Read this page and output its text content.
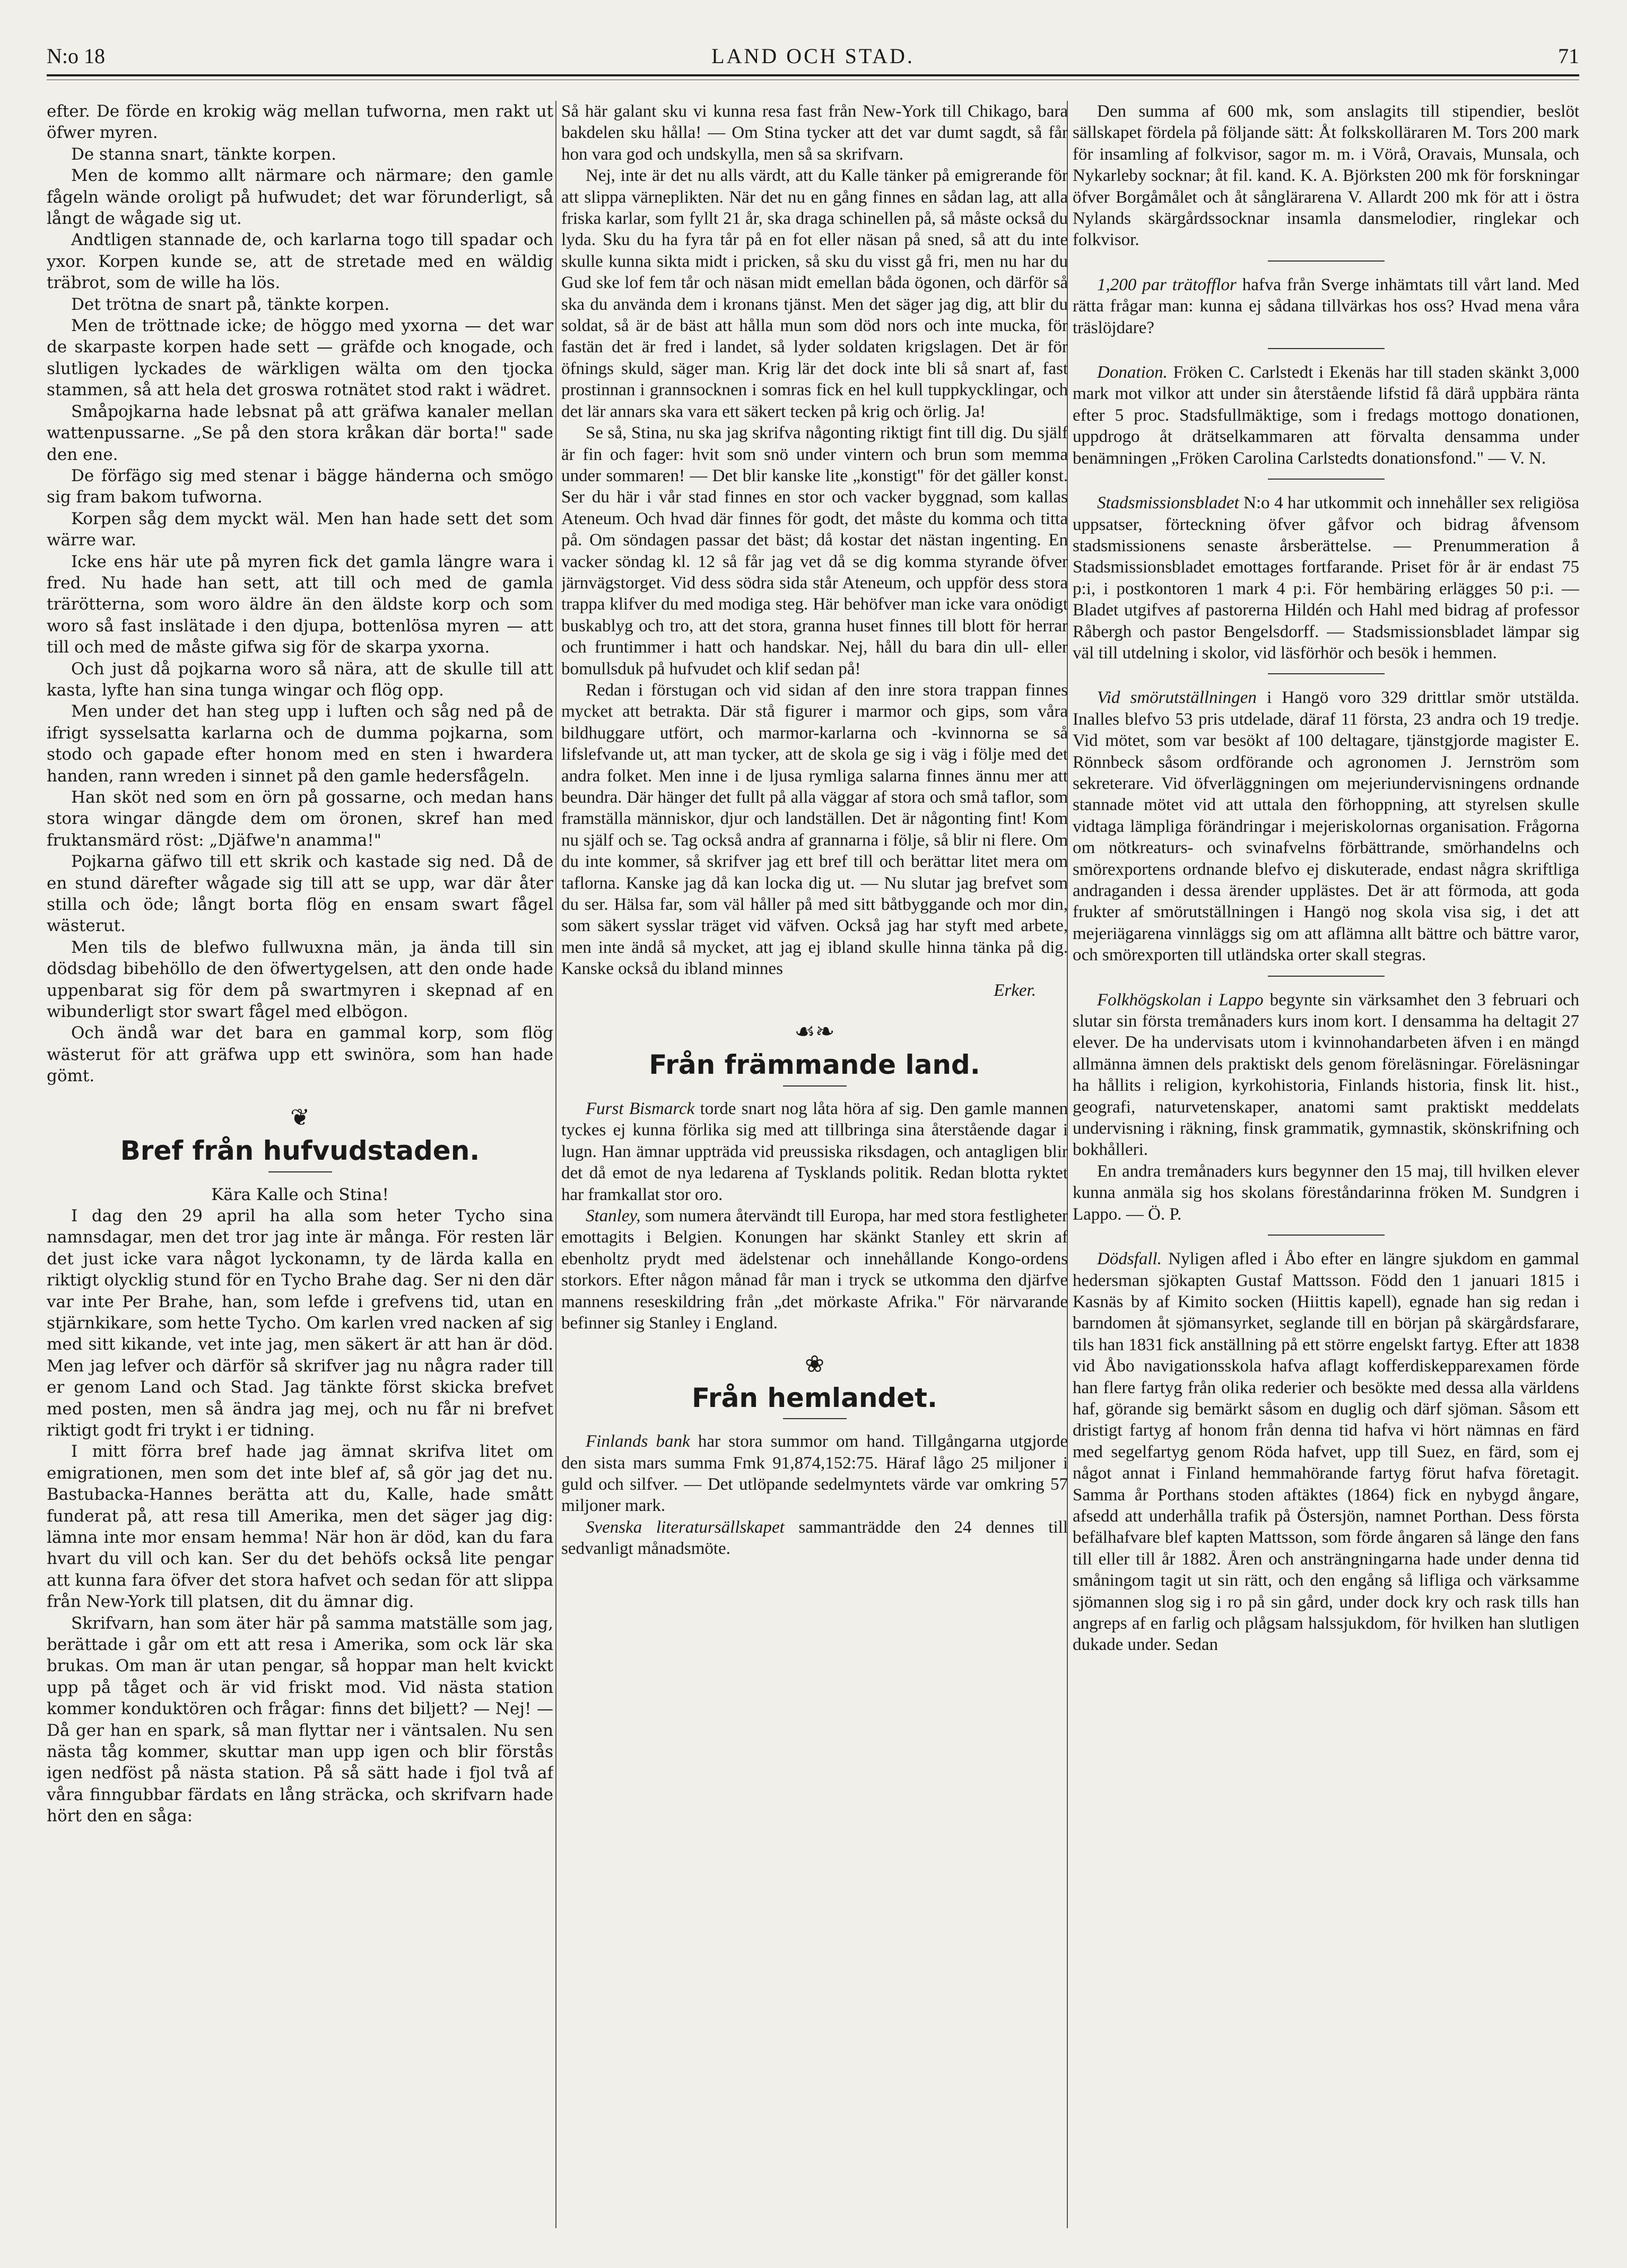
N:o 18	LAND OCH STAD.	71

efter. De förde en krokig wäg mellan tufworna, men rakt ut öfwer myren.

De stanna snart, tänkte korpen.

Men de kommo allt närmare och närmare; den gamle fågeln wände oroligt på hufwudet; det war förunderligt, så långt de wågade sig ut.

Andtligen stannade de, och karlarna togo till spadar och yxor. Korpen kunde se, att de stretade med en wäldig träbrot, som de wille ha lös.

Det trötna de snart på, tänkte korpen.

Men de tröttnade icke; de höggo med yxorna — det war de skarpaste korpen hade sett — gräfde och knogade, och slutligen lyckades de wärkligen wälta om den tjocka stammen, så att hela det groswa rotnätet stod rakt i wädret.

Småpojkarna hade lebsnat på att gräfwa kanaler mellan wattenpussarne. „Se på den stora kråkan där borta!" sade den ene.

De förfägo sig med stenar i bägge händerna och smögo sig fram bakom tufworna.

Korpen såg dem myckt wäl. Men han hade sett det som wärre war.

Icke ens här ute på myren fick det gamla längre wara i fred. Nu hade han sett, att till och med de gamla trärötterna, som woro äldre än den äldste korp och som woro så fast inslätade i den djupa, bottenlösa myren — att till och med de måste gifwa sig för de skarpa yxorna.

Och just då pojkarna woro så nära, att de skulle till att kasta, lyfte han sina tunga wingar och flög opp.

Men under det han steg upp i luften och såg ned på de ifrigt sysselsatta karlarna och de dumma pojkarna, som stodo och gapade efter honom med en sten i hwardera handen, rann wreden i sinnet på den gamle hedersfågeln.

Han sköt ned som en örn på gossarne, och medan hans stora wingar dängde dem om öronen, skref han med fruktansmärd röst: „Djäfwe'n anamma!"

Pojkarna gäfwo till ett skrik och kastade sig ned. Då de en stund därefter wågade sig till att se upp, war där åter stilla och öde; långt borta flög en ensam swart fågel wästerut.

Men tils de blefwo fullwuxna män, ja ända till sin dödsdag bibehöllo de den öfwertygelsen, att den onde hade uppenbarat sig för dem på swartmyren i skepnad af en wibunderligt stor swart fågel med elbögon.

Och ändå war det bara en gammal korp, som flög wästerut för att gräfwa upp ett swinöra, som han hade gömt.

❦
Bref från hufvudstaden.

Kära Kalle och Stina!

I dag den 29 april ha alla som heter Tycho sina namnsdagar, men det tror jag inte är många. För resten lär det just icke vara något lyckonamn, ty de lärda kalla en riktigt olycklig stund för en Tycho Brahe dag. Ser ni den där var inte Per Brahe, han, som lefde i grefvens tid, utan en stjärnkikare, som hette Tycho. Om karlen vred nacken af sig med sitt kikande, vet inte jag, men säkert är att han är död. Men jag lefver och därför så skrifver jag nu några rader till er genom Land och Stad. Jag tänkte först skicka brefvet med posten, men så ändra jag mej, och nu får ni brefvet riktigt godt fri trykt i er tidning.

I mitt förra bref hade jag ämnat skrifva litet om emigrationen, men som det inte blef af, så gör jag det nu. Bastubacka-Hannes berätta att du, Kalle, hade smått funderat på, att resa till Amerika, men det säger jag dig: lämna inte mor ensam hemma! När hon är död, kan du fara hvart du vill och kan. Ser du det behöfs också lite pengar att kunna fara öfver det stora hafvet och sedan för att slippa från New-York till platsen, dit du ämnar dig.

Skrifvarn, han som äter här på samma matställe som jag, berättade i går om ett att resa i Amerika, som ock lär ska brukas. Om man är utan pengar, så hoppar man helt kvickt upp på tåget och är vid friskt mod. Vid nästa station kommer konduktören och frågar: finns det biljett? — Nej! — Då ger han en spark, så man flyttar ner i väntsalen. Nu sen nästa tåg kommer, skuttar man upp igen och blir förstås igen nedföst på nästa station. På så sätt hade i fjol två af våra finngubbar färdats en lång sträcka, och skrifvarn hade hört den en såga:

Så här galant sku vi kunna resa fast från New-York till Chikago, bara bakdelen sku hålla! — Om Stina tycker att det var dumt sagdt, så får hon vara god och undskylla, men så sa skrifvarn.

Nej, inte är det nu alls värdt, att du Kalle tänker på emigrerande för att slippa värneplikten. När det nu en gång finnes en sådan lag, att alla friska karlar, som fyllt 21 år, ska draga schinellen på, så måste också du lyda. Sku du ha fyra tår på en fot eller näsan på sned, så att du inte skulle kunna sikta midt i pricken, så sku du visst gå fri, men nu har du Gud ske lof fem tår och näsan midt emellan båda ögonen, och därför så ska du använda dem i kronans tjänst. Men det säger jag dig, att blir du soldat, så är de bäst att hålla mun som död nors och inte mucka, för fastän det är fred i landet, så lyder soldaten krigslagen. Det är för öfnings skuld, säger man. Krig lär det dock inte bli så snart af, fast prostinnan i grannsocknen i somras fick en hel kull tuppkycklingar, och det lär annars ska vara ett säkert tecken på krig och örlig. Ja!

Se så, Stina, nu ska jag skrifva någonting riktigt fint till dig. Du själf är fin och fager: hvit som snö under vintern och brun som memma under sommaren! — Det blir kanske lite „konstigt" för det gäller konst. Ser du här i vår stad finnes en stor och vacker byggnad, som kallas Ateneum. Och hvad där finnes för godt, det måste du komma och titta på. Om söndagen passar det bäst; då kostar det nästan ingenting. En vacker söndag kl. 12 så får jag vet då se dig komma styrande öfver järnvägstorget. Vid dess södra sida står Ateneum, och uppför dess stora trappa klifver du med modiga steg. Här behöfver man icke vara onödigt buskablyg och tro, att det stora, granna huset finnes till blott för herrar och fruntimmer i hatt och handskar. Nej, håll du bara din ull- eller bomullsduk på hufvudet och klif sedan på!

Redan i förstugan och vid sidan af den inre stora trappan finnes mycket att betrakta. Där stå figurer i marmor och gips, som våra bildhuggare utfört, och marmor-karlarna och -kvinnorna se så lifslefvande ut, att man tycker, att de skola ge sig i väg i följe med det andra folket. Men inne i de ljusa rymliga salarna finnes ännu mer att beundra. Där hänger det fullt på alla väggar af stora och små taflor, som framställa människor, djur och landställen. Det är någonting fint! Kom nu själf och se. Tag också andra af grannarna i följe, så blir ni flere. Om du inte kommer, så skrifver jag ett bref till och berättar litet mera om taflorna. Kanske jag då kan locka dig ut. — Nu slutar jag brefvet som du ser. Hälsa far, som väl håller på med sitt båtbyggande och mor din, som säkert sysslar träget vid väfven. Också jag har styft med arbete, men inte ändå så mycket, att jag ej ibland skulle hinna tänka på dig. Kanske också du ibland minnes

Erker.

☙❧
Från främmande land.

Furst Bismarck torde snart nog låta höra af sig. Den gamle mannen tyckes ej kunna förlika sig med att tillbringa sina återstående dagar i lugn. Han ämnar uppträda vid preussiska riksdagen, och antagligen blir det då emot de nya ledarena af Tysklands politik. Redan blotta ryktet har framkallat stor oro.

Stanley, som numera återvändt till Europa, har med stora festligheter emottagits i Belgien. Konungen har skänkt Stanley ett skrin af ebenholtz prydt med ädelstenar och innehållande Kongo-ordens storkors. Efter någon månad får man i tryck se utkomma den djärfve mannens reseskildring från „det mörkaste Afrika." För närvarande befinner sig Stanley i England.

❀
Från hemlandet.

Finlands bank har stora summor om hand. Tillgångarna utgjorde den sista mars summa Fmk 91,874,152:75. Häraf lågo 25 miljoner i guld och silfver. — Det utlöpande sedelmyntets värde var omkring 57 miljoner mark.

Svenska literatursällskapet sammanträdde den 24 dennes till sedvanligt månadsmöte.

Den summa af 600 mk, som anslagits till stipendier, beslöt sällskapet fördela på följande sätt: Åt folkskolläraren M. Tors 200 mark för insamling af folkvisor, sagor m. m. i Vörå, Oravais, Munsala, och Nykarleby socknar; åt fil. kand. K. A. Björksten 200 mk för forskningar öfver Borgåmålet och åt sånglärarena V. Allardt 200 mk för att i östra Nylands skärgårdssocknar insamla dansmelodier, ringlekar och folkvisor.

1,200 par trätofflor hafva från Sverge inhämtats till vårt land. Med rätta frågar man: kunna ej sådana tillvärkas hos oss? Hvad mena våra träslöjdare?

Donation. Fröken C. Carlstedt i Ekenäs har till staden skänkt 3,000 mark mot vilkor att under sin återstående lifstid få därå uppbära ränta efter 5 proc. Stadsfullmäktige, som i fredags mottogo donationen, uppdrogo åt drätselkammaren att förvalta densamma under benämningen „Fröken Carolina Carlstedts donationsfond." — V. N.

Stadsmissionsbladet N:o 4 har utkommit och innehåller sex religiösa uppsatser, förteckning öfver gåfvor och bidrag åfvensom stadsmissionens senaste årsberättelse. — Prenummeration å Stadsmissionsbladet emottages fortfarande. Priset för år är endast 75 p:i, i postkontoren 1 mark 4 p:i. För hembäring erlägges 50 p:i. — Bladet utgifves af pastorerna Hildén och Hahl med bidrag af professor Råbergh och pastor Bengelsdorff. — Stadsmissionsbladet lämpar sig väl till utdelning i skolor, vid läsförhör och besök i hemmen.

Vid smörutställningen i Hangö voro 329 drittlar smör utstälda. Inalles blefvo 53 pris utdelade, däraf 11 första, 23 andra och 19 tredje. Vid mötet, som var besökt af 100 deltagare, tjänstgjorde magister E. Rönnbeck såsom ordförande och agronomen J. Jernström som sekreterare. Vid öfverläggningen om mejeriundervisningens ordnande stannade mötet vid att uttala den förhoppning, att styrelsen skulle vidtaga lämpliga förändringar i mejeriskolornas organisation. Frågorna om nötkreaturs- och svinafvelns förbättrande, smörhandelns och smörexportens ordnande blefvo ej diskuterade, endast några skriftliga andraganden i dessa ärender upplästes. Det är att förmoda, att goda frukter af smörutställningen i Hangö nog skola visa sig, i det att mejeriägarena vinnläggs sig om att aflämna allt bättre och bättre varor, och smörexporten till utländska orter skall stegras.

Folkhögskolan i Lappo begynte sin värksamhet den 3 februari och slutar sin första tremånaders kurs inom kort. I densamma ha deltagit 27 elever. De ha undervisats utom i kvinnohandarbeten äfven i en mängd allmänna ämnen dels praktiskt dels genom föreläsningar. Föreläsningar ha hållits i religion, kyrkohistoria, Finlands historia, finsk lit. hist., geografi, naturvetenskaper, anatomi samt praktiskt meddelats undervisning i räkning, finsk grammatik, gymnastik, skönskrifning och bokhålleri.

En andra tremånaders kurs begynner den 15 maj, till hvilken elever kunna anmäla sig hos skolans föreståndarinna fröken M. Sundgren i Lappo. — Ö. P.

Dödsfall. Nyligen afled i Åbo efter en längre sjukdom en gammal hedersman sjökapten Gustaf Mattsson. Född den 1 januari 1815 i Kasnäs by af Kimito socken (Hiittis kapell), egnade han sig redan i barndomen åt sjömansyrket, seglande till en början på skärgårdsfarare, tils han 1831 fick anställning på ett större engelskt fartyg. Efter att 1838 vid Åbo navigationsskola hafva aflagt kofferdiskepparexamen förde han flere fartyg från olika rederier och besökte med dessa alla världens haf, görande sig bemärkt såsom en duglig och därf sjöman. Såsom ett dristigt fartyg af honom från denna tid hafva vi hört nämnas en färd med segelfartyg genom Röda hafvet, upp till Suez, en färd, som ej något annat i Finland hemmahörande fartyg förut hafva företagit. Samma år Porthans stoden aftäktes (1864) fick en nybygd ångare, afsedd att underhålla trafik på Östersjön, namnet Porthan. Dess första befälhafvare blef kapten Mattsson, som förde ångaren så länge den fans till eller till år 1882. Åren och ansträngningarna hade under denna tid småningom tagit ut sin rätt, och den engång så lifliga och värksamme sjömannen slog sig i ro på sin gård, under dock kry och rask tills han angreps af en farlig och plågsam halssjukdom, för hvilken han slutligen dukade under. Sedan
